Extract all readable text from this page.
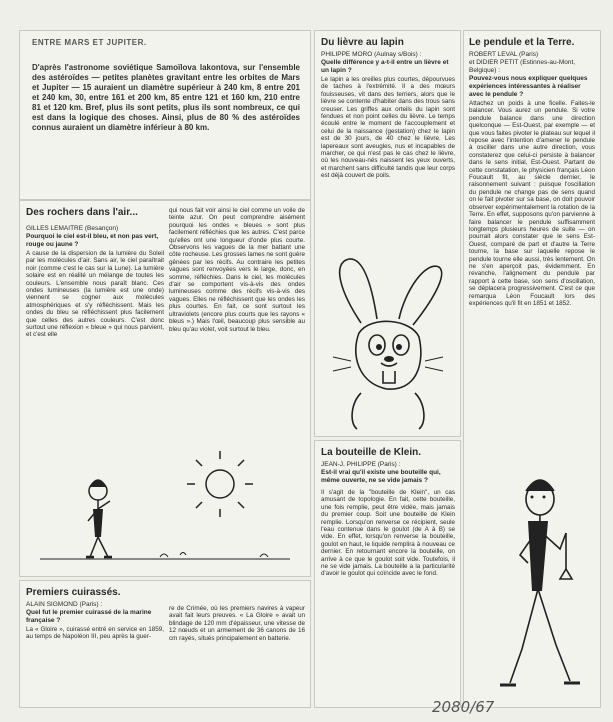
ENTRE MARS ET JUPITER.

D'après l'astronome soviétique Samoïlova lakontova, sur l'ensemble des astéroïdes — petites planètes gravitant entre les orbites de Mars et Jupiter — 15 auraient un diamètre supérieur à 240 km, 8 entre 201 et 240 km, 30, entre 161 et 200 km, 85 entre 121 et 160 km, 210 entre 81 et 120 km. Bref, plus ils sont petits, plus ils sont nombreux, ce qui est dans la logique des choses. Ainsi, plus de 80 % des astéroïdes connus auraient un diamètre inférieur à 80 km.

Des rochers dans l'air...

GILLES LEMAITRE (Besançon)

Pourquoi le ciel est-il bleu, et non pas vert, rouge ou jaune ?

A cause de la dispersion de la lumière du Soleil par les molécules d'air. Sans air, le ciel paraîtrait noir (comme c'est le cas sur la Lune). La lumière solaire est en réalité un mélange de toutes les couleurs. L'ensemble nous paraît blanc. Ces ondes lumineuses (la lumière est une onde) viennent se cogner aux molécules atmosphériques et s'y réfléchissent. Mais les ondes du bleu se réfléchissent plus facilement que celles des autres couleurs. C'est donc surtout une réflexion « bleue » qui nous parvient, et c'est elle

qui nous fait voir ainsi le ciel comme un voile de teinte azur. On peut comprendre aisément pourquoi les ondes « bleues » sont plus facilement réfléchies que les autres. C'est parce qu'elles ont une longueur d'onde plus courte. Observons les vagues de la mer battant une côte rocheuse. Les grosses lames ne sont guère gênées par les récifs. Au contraire les petites vagues sont renvoyées vers le large, donc, en somme, réfléchies. Dans le ciel, les molécules d'air se comportent vis-à-vis des ondes lumineuses comme des récifs vis-à-vis des vagues. Elles ne réfléchissent que les ondes les plus courtes. En fait, ce sont surtout les ultraviolets (encore plus courts que les rayons « bleus ».) Mais l'œil, beaucoup plus sensible au bleu qu'au violet, voit surtout le bleu.

Du lièvre au lapin

PHILIPPE MORO (Aulnay s/Bois) :

Quelle différence y a-t-il entre un lièvre et un lapin ?

Le lapin a les oreilles plus courtes, dépourvues de taches à l'extrémité. Il a des mœurs fouisseuses, vit dans des terriers, alors que le lièvre se contente d'habiter dans des trous sans creuser. Les griffes aux orteils du lapin sont fendues et non point celles du lièvre. Le temps écoulé entre le moment de l'accouplement et celui de la naissance (gestation) chez le lapin est de 30 jours, de 40 chez le lièvre. Les lapereaux sont aveugles, nus et incapables de marcher, ce qui n'est pas le cas chez le lièvre, où les nouveau-nés naissent les yeux ouverts, et marchent sans difficulté tandis que leur corps est déjà couvert de poils.

La bouteille de Klein.

JEAN-J. PHILIPPE (Paris) :

Est-il vrai qu'il existe une bouteille qui, même ouverte, ne se vide jamais ?

Il s'agit de la "bouteille de Klein", un cas amusant de topologie. En fait, cette bouteille, une fois remplie, peut être vidée, mais jamais du premier coup. Soit une bouteille de Klein remplie. Lorsqu'on renverse ce récipient, seule l'eau contenue dans le goulot (de A à B) se vide. En effet, lorsqu'on renverse la bouteille, goulot en haut, le liquide remplira à nouveau ce dernier. En retournant encore la bouteille, on arrive à ce que le goulot soit vide. Toutefois, il ne se vide jamais. La bouteille a la particularité d'avoir le goulot qui coïncide avec le fond.

Le pendule et la Terre.

ROBERT LEVAL (Paris)

et DIDIER PETIT (Estinnes-au-Mont, Belgique) :

Pouvez-vous nous expliquer quelques expériences intéressantes à réaliser avec le pendule ?

Attachez un poids à une ficelle. Faites-le balancer. Vous aurez un pendule. Si votre pendule balance dans une direction quelconque — Est-Ouest, par exemple — et que vous faites pivoter le plateau sur lequel il repose avec l'intention d'amener le pendule à osciller dans une autre direction, vous constaterez que celui-ci persiste à balancer dans le sens initial, Est-Ouest. Partant de cette constatation, le physicien français Léon Foucault fit, au siècle dernier, le raisonnement suivant : puisque l'oscillation du pendule ne change pas de sens quand on le fait pivoter sur sa base, on doit pouvoir observer expérimentalement la rotation de la Terre. En effet, supposons qu'on parvienne à faire balancer le pendule suffisamment longtemps plusieurs heures de suite — on pourrait alors constater que le sens Est-Ouest, comparé de part et d'autre la Terre tourne, la base sur laquelle repose le pendule tourne elle aussi, très lentement. On ne s'en aperçoit pas, évidemment. En revanche, l'alignement du pendule par rapport à cette base, son sens d'oscillation, se déplacera progressivement. C'est ce que remarqua Léon Foucault lors des expériences qu'il fit en 1851 et 1852.

Premiers cuirassés.

ALAIN SIGMOND (Paris) :

Quel fut le premier cuirassé de la marine française ?

La « Gloire », cuirassé entré en service en 1859, au temps de Napoléon III, peu après la guer-

re de Crimée, où les premiers navires à vapeur avait fait leurs preuves. « La Gloire » avait un blindage de 120 mm d'épaisseur, une vitesse de 12 nœuds et un armement de 36 canons de 16 cm rayés, situés principalement en batterie.

2080/67
